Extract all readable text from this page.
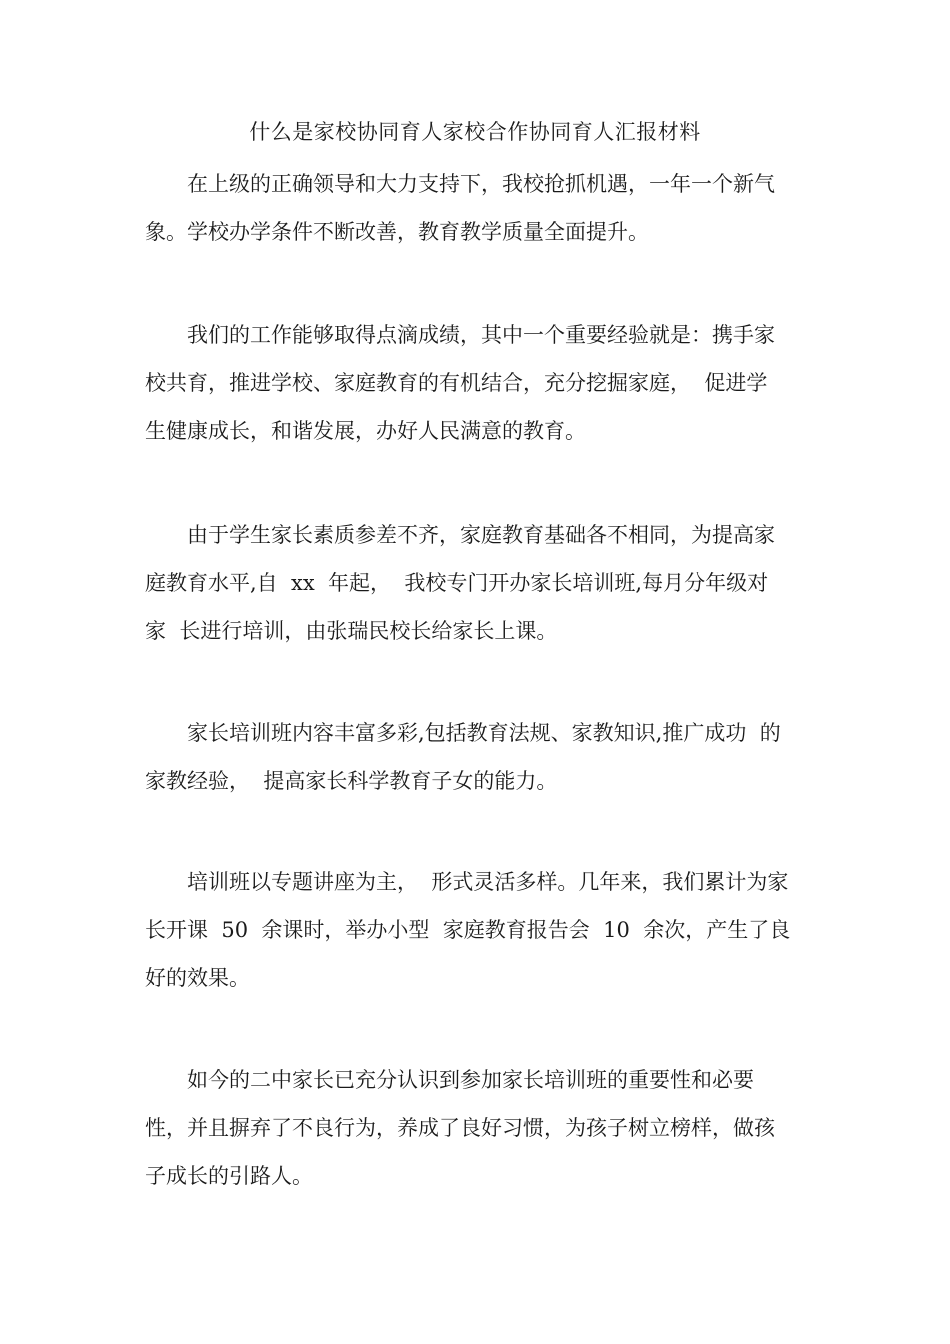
什么是家校协同育人家校合作协同育人汇报材料

　　在上级的正确领导和大力支持下，我校抢抓机遇，一年一个新气
象。学校办学条件不断改善，教育教学质量全面提升。

　　我们的工作能够取得点滴成绩，其中一个重要经验就是：携手家
校共育，推进学校、家庭教育的有机结合，充分挖掘家庭，  促进学
生健康成长，和谐发展，办好人民满意的教育。

　　由于学生家长素质参差不齐，家庭教育基础各不相同，为提高家
庭教育水平,自  xx  年起，  我校专门开办家长培训班,每月分年级对
家  长进行培训，由张瑞民校长给家长上课。

　　家长培训班内容丰富多彩,包括教育法规、家教知识,推广成功  的
家教经验，  提高家长科学教育子女的能力。

　　培训班以专题讲座为主，  形式灵活多样。几年来，我们累计为家
长开课  50  余课时，举办小型  家庭教育报告会  10  余次，产生了良
好的效果。

　　如今的二中家长已充分认识到参加家长培训班的重要性和必要
性，并且摒弃了不良行为，养成了良好习惯，为孩子树立榜样，做孩
子成长的引路人。
